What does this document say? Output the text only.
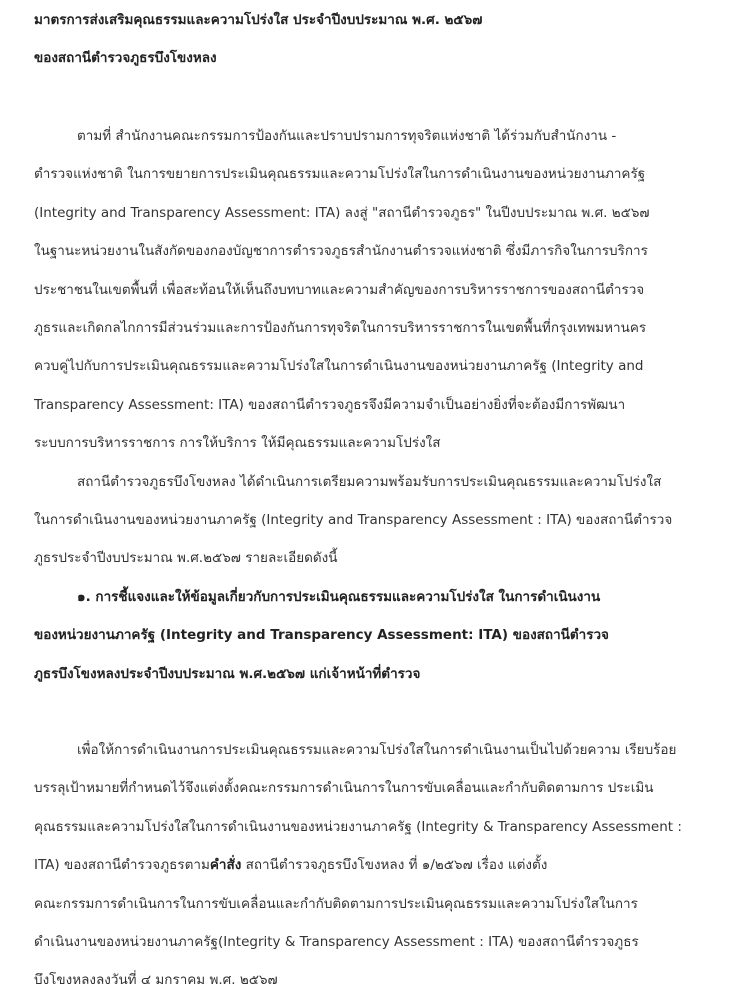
มาตรการส่งเสริมคุณธรรมและความโปร่งใส ประจำปีงบประมาณ พ.ศ. ๒๕๖๗
ของสถานีตำรวจภูธรบึงโขงหลง
ตามที่ สำนักงานคณะกรรมการป้องกันและปราบปรามการทุจริตแห่งชาติ ได้ร่วมกับสำนักงาน -
ตำรวจแห่งชาติ ในการขยายการประเมินคุณธรรมและความโปร่งใสในการดำเนินงานของหน่วยงานภาครัฐ
(Integrity and Transparency Assessment: ITA) ลงสู่ "สถานีตำรวจภูธร" ในปีงบประมาณ พ.ศ. ๒๕๖๗
ในฐานะหน่วยงานในสังกัดของกองบัญชาการตำรวจภูธรสำนักงานตำรวจแห่งชาติ ซึ่งมีภารกิจในการบริการ
ประชาชนในเขตพื้นที่ เพื่อสะท้อนให้เห็นถึงบทบาทและความสำคัญของการบริหารราชการของสถานีตำรวจ
ภูธรและเกิดกลไกการมีส่วนร่วมและการป้องกันการทุจริตในการบริหารราชการในเขตพื้นที่กรุงเทพมหานคร
ควบคู่ไปกับการประเมินคุณธรรมและความโปร่งใสในการดำเนินงานของหน่วยงานภาครัฐ (Integrity and
Transparency Assessment: ITA) ของสถานีตำรวจภูธรจึงมีความจำเป็นอย่างยิ่งที่จะต้องมีการพัฒนา
ระบบการบริหารราชการ การให้บริการ ให้มีคุณธรรมและความโปร่งใส
สถานีตำรวจภูธรบึงโขงหลง ได้ดำเนินการเตรียมความพร้อมรับการประเมินคุณธรรมและความโปร่งใส
ในการดำเนินงานของหน่วยงานภาครัฐ (Integrity and Transparency Assessment : ITA) ของสถานีตำรวจ
ภูธรประจำปีงบประมาณ พ.ศ.๒๕๖๗ รายละเอียดดังนี้
๑. การชี้แจงและให้ข้อมูลเกี่ยวกับการประเมินคุณธรรมและความโปร่งใส ในการดำเนินงาน
ของหน่วยงานภาครัฐ (Integrity and Transparency Assessment: ITA) ของสถานีตำรวจ
ภูธรบึงโขงหลงประจำปีงบประมาณ พ.ศ.๒๕๖๗ แก่เจ้าหน้าที่ตำรวจ
เพื่อให้การดำเนินงานการประเมินคุณธรรมและความโปร่งใสในการดำเนินงานเป็นไปด้วยความ เรียบร้อย
บรรลุเป้าหมายที่กำหนดไว้จึงแต่งตั้งคณะกรรมการดำเนินการในการขับเคลื่อนและกำกับติดตามการ ประเมิน
คุณธรรมและความโปร่งใสในการดำเนินงานของหน่วยงานภาครัฐ (Integrity & Transparency Assessment :
ITA) ของสถานีตำรวจภูธรตามคำสั่ง สถานีตำรวจภูธรบึงโขงหลง ที่ ๑/๒๕๖๗ เรื่อง แต่งตั้ง
คณะกรรมการดำเนินการในการขับเคลื่อนและกำกับติดตามการประเมินคุณธรรมและความโปร่งใสในการ
ดำเนินงานของหน่วยงานภาครัฐ(Integrity & Transparency Assessment : ITA) ของสถานีตำรวจภูธร
บึงโขงหลงลงวันที่ ๔ มกราคม พ.ศ. ๒๕๖๗
